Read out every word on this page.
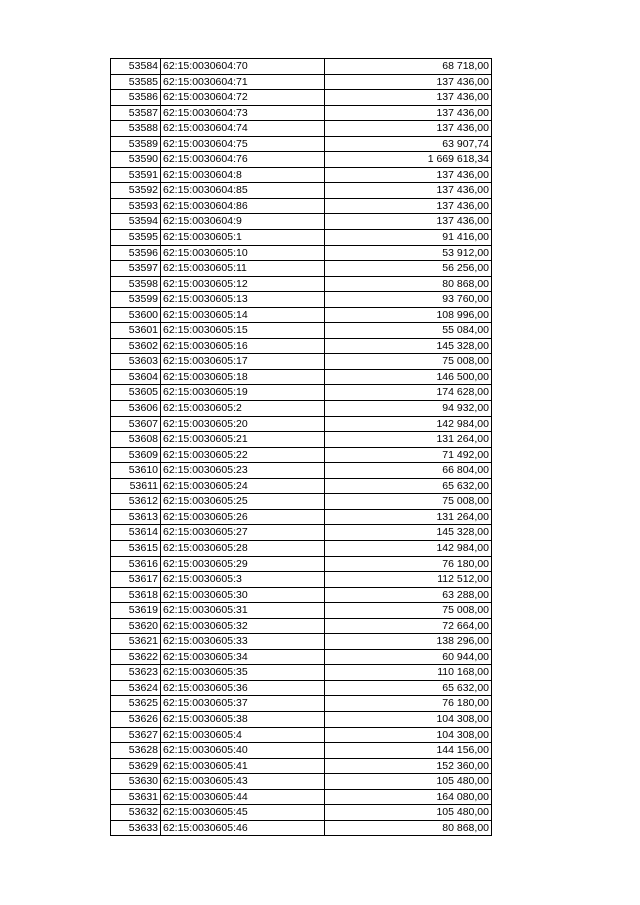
53584	62:15:0030604:70	68 718,00
53585	62:15:0030604:71	137 436,00
53586	62:15:0030604:72	137 436,00
53587	62:15:0030604:73	137 436,00
53588	62:15:0030604:74	137 436,00
53589	62:15:0030604:75	63 907,74
53590	62:15:0030604:76	1 669 618,34
53591	62:15:0030604:8	137 436,00
53592	62:15:0030604:85	137 436,00
53593	62:15:0030604:86	137 436,00
53594	62:15:0030604:9	137 436,00
53595	62:15:0030605:1	91 416,00
53596	62:15:0030605:10	53 912,00
53597	62:15:0030605:11	56 256,00
53598	62:15:0030605:12	80 868,00
53599	62:15:0030605:13	93 760,00
53600	62:15:0030605:14	108 996,00
53601	62:15:0030605:15	55 084,00
53602	62:15:0030605:16	145 328,00
53603	62:15:0030605:17	75 008,00
53604	62:15:0030605:18	146 500,00
53605	62:15:0030605:19	174 628,00
53606	62:15:0030605:2	94 932,00
53607	62:15:0030605:20	142 984,00
53608	62:15:0030605:21	131 264,00
53609	62:15:0030605:22	71 492,00
53610	62:15:0030605:23	66 804,00
53611	62:15:0030605:24	65 632,00
53612	62:15:0030605:25	75 008,00
53613	62:15:0030605:26	131 264,00
53614	62:15:0030605:27	145 328,00
53615	62:15:0030605:28	142 984,00
53616	62:15:0030605:29	76 180,00
53617	62:15:0030605:3	112 512,00
53618	62:15:0030605:30	63 288,00
53619	62:15:0030605:31	75 008,00
53620	62:15:0030605:32	72 664,00
53621	62:15:0030605:33	138 296,00
53622	62:15:0030605:34	60 944,00
53623	62:15:0030605:35	110 168,00
53624	62:15:0030605:36	65 632,00
53625	62:15:0030605:37	76 180,00
53626	62:15:0030605:38	104 308,00
53627	62:15:0030605:4	104 308,00
53628	62:15:0030605:40	144 156,00
53629	62:15:0030605:41	152 360,00
53630	62:15:0030605:43	105 480,00
53631	62:15:0030605:44	164 080,00
53632	62:15:0030605:45	105 480,00
53633	62:15:0030605:46	80 868,00
